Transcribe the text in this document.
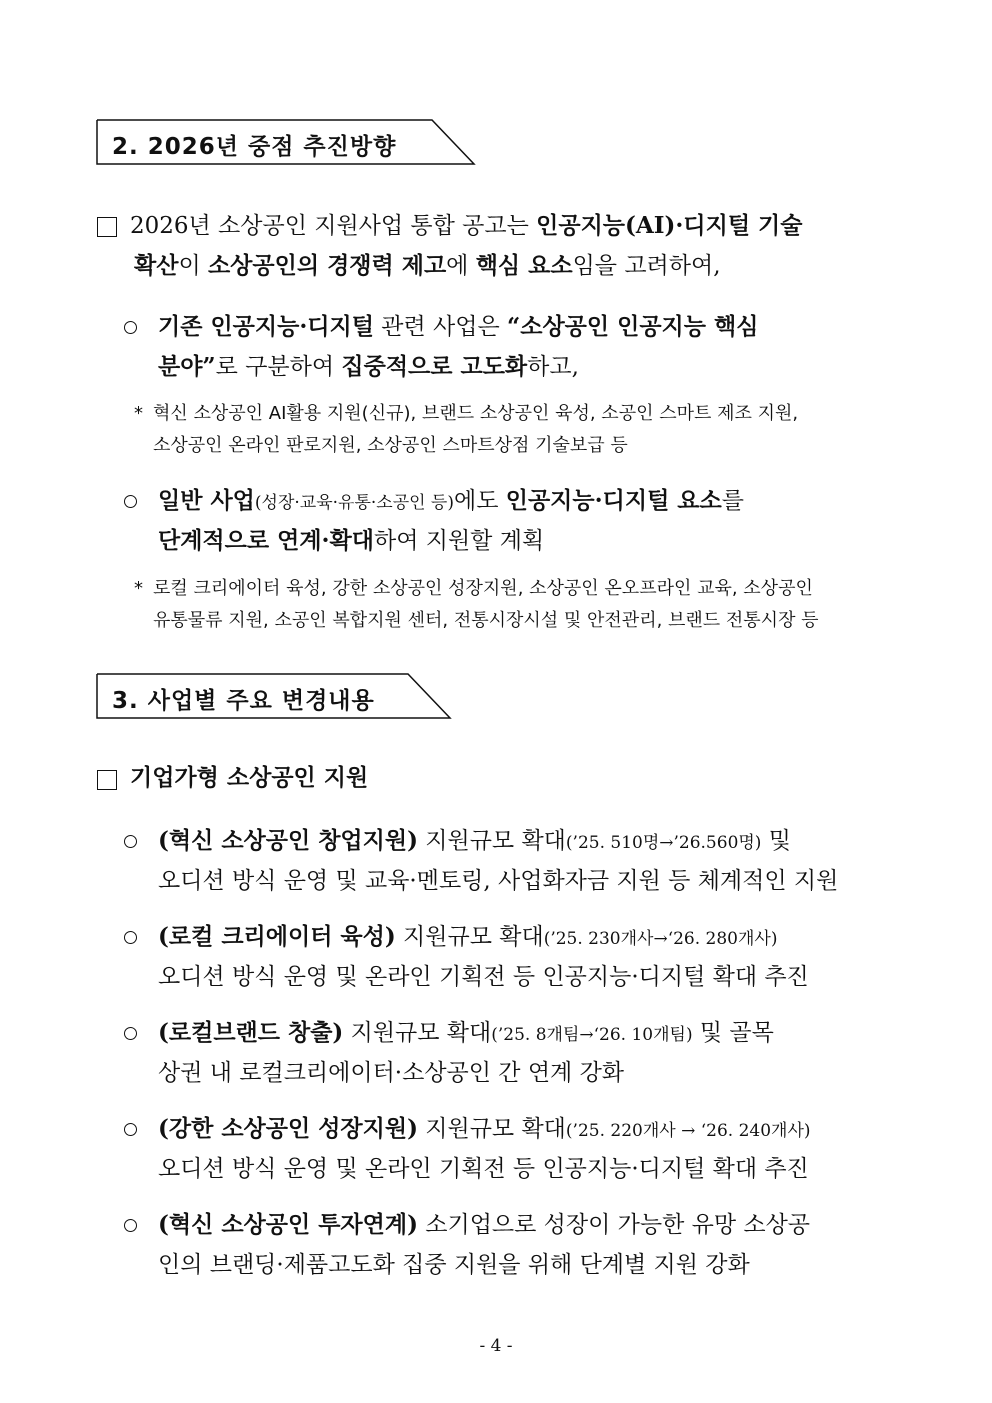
2. 2026년 중점 추진방향
2026년 소상공인 지원사업 통합 공고는 인공지능(AI)·디지털 기술
확산이 소상공인의 경쟁력 제고에 핵심 요소임을 고려하여,
기존 인공지능·디지털 관련 사업은 “소상공인 인공지능 핵심
분야”로 구분하여 집중적으로 고도화하고,
* 혁신 소상공인 AI활용 지원(신규), 브랜드 소상공인 육성, 소공인 스마트 제조 지원,
소상공인 온라인 판로지원, 소상공인 스마트상점 기술보급 등
일반 사업(성장·교육·유통·소공인 등)에도 인공지능·디지털 요소를
단계적으로 연계·확대하여 지원할 계획
* 로컬 크리에이터 육성, 강한 소상공인 성장지원, 소상공인 온오프라인 교육, 소상공인
유통물류 지원, 소공인 복합지원 센터, 전통시장시설 및 안전관리, 브랜드 전통시장 등
3. 사업별 주요 변경내용
기업가형 소상공인 지원
(혁신 소상공인 창업지원) 지원규모 확대(’25. 510명→’26.560명) 및
오디션 방식 운영 및 교육·멘토링, 사업화자금 지원 등 체계적인 지원
(로컬 크리에이터 육성) 지원규모 확대(’25. 230개사→‘26. 280개사)
오디션 방식 운영 및 온라인 기획전 등 인공지능·디지털 확대 추진
(로컬브랜드 창출) 지원규모 확대(’25. 8개팀→‘26. 10개팀) 및 골목
상권 내 로컬크리에이터·소상공인 간 연계 강화
(강한 소상공인 성장지원) 지원규모 확대(’25. 220개사 → ‘26. 240개사)
오디션 방식 운영 및 온라인 기획전 등 인공지능·디지털 확대 추진
(혁신 소상공인 투자연계) 소기업으로 성장이 가능한 유망 소상공
인의 브랜딩·제품고도화 집중 지원을 위해 단계별 지원 강화
- 4 -
